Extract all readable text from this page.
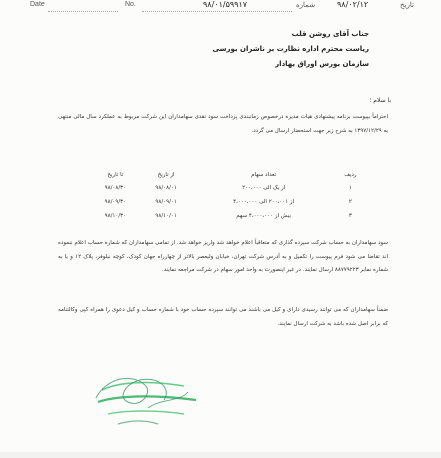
Date	No.	۹۸/۰۱/۵۹۹۱۷	شماره	۹۸/۰۲/۱۲	تاریخ
جناب آقای روشن قلب
ریاست محترم اداره نظارت بر ناشران بورسی
سازمان بورس اوراق بهادار
با سلام ؛
احتراماً بپیوست برنامه پیشنهادی هیات مدیره درخصوص زمانبندی پرداخت سود نقدی سهامداران این شرکت مربوط به عملکرد سال مالی منتهی به ۱۳۹۷/۱۲/۲۹ به شرح زیر جهت استحضار ارسال می گردد.
ردیف	تعداد سهام	از تاریخ	تا تاریخ
۱	از یک الی ۲۰۰،۰۰۰	۹۸/۰۸/۰۱	۹۸/۰۸/۳۰
۲	از ۲۰۰،۰۰۱ الی ۴،۰۰۰،۰۰۰	۹۸/۰۹/۰۱	۹۸/۰۹/۳۰
۳	بیش از ۴،۰۰۰،۰۰۰ سهم	۹۸/۱۰/۰۱	۹۸/۱۰/۳۰
سود سهامداران به حساب شرکت سپرده گذاری که متعاقباً اعلام خواهد شد واریز خواهد شد. از تمامی سهامداران که شماره حساب اعلام ننموده اند تقاضا می شود فرم پیوست را تکمیل و به آدرس شرکت تهران، خیابان ولیعصر بالاتر از چهارراه جهان کودک، کوچه نیلوفر، پلاک ۱۲ و یا به شماره نمابر ۸۸۷۷۹۲۲۳ ارسال نمایند. در غیر اینصورت به واحد امور سهام در شرکت مراجعه نمایند.
ضمناً سهامداران که می توانند رسیدی دارای و کیل می باشند می توانند سپرده حساب خود با شماره حساب و کیل دعوی را همراه کپی وکالتنامه که برابر اصل شده باشد به شرکت ارسال نمایند.
